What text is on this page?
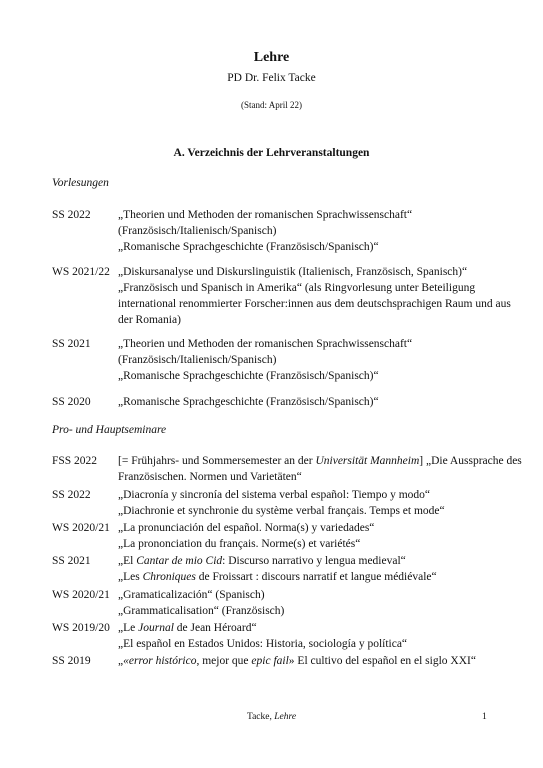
Lehre
PD Dr. Felix Tacke
(Stand: April 22)
A. Verzeichnis der Lehrveranstaltungen
Vorlesungen
SS 2022	„Theorien und Methoden der romanischen Sprachwissenschaft“
(Französisch/Italienisch/Spanisch)
„Romanische Sprachgeschichte (Französisch/Spanisch)“
WS 2021/22 „Diskursanalyse und Diskurslinguistik (Italienisch, Französisch, Spanisch)“
„Französisch und Spanisch in Amerika“ (als Ringvorlesung unter Beteiligung
international renommierter Forscher:innen aus dem deutschsprachigen Raum und aus
der Romania)
SS 2021	„Theorien und Methoden der romanischen Sprachwissenschaft“
(Französisch/Italienisch/Spanisch)
„Romanische Sprachgeschichte (Französisch/Spanisch)“
SS 2020	„Romanische Sprachgeschichte (Französisch/Spanisch)“
Pro- und Hauptseminare
FSS 2022	[= Frühjahrs- und Sommersemester an der Universität Mannheim] „Die Aussprache des
Französischen. Normen und Varietäten“
SS 2022	„Diacronía y sincronía del sistema verbal español: Tiempo y modo“
„Diachronie et synchronie du système verbal français. Temps et mode“
WS 2020/21 „La pronunciación del español. Norma(s) y variedades“
„La prononciation du français. Norme(s) et variétés“
SS 2021	„El Cantar de mio Cid: Discurso narrativo y lengua medieval“
„Les Chroniques de Froissart : discours narratif et langue médiévale“
WS 2020/21 „Gramaticalización“ (Spanisch)
„Grammaticalisation“ (Französisch)
WS 2019/20 „Le Journal de Jean Héroard“
„El español en Estados Unidos: Historia, sociología y política“
SS 2019	„«error histórico, mejor que epic fail» El cultivo del español en el siglo XXI“
Tacke, Lehre	1
